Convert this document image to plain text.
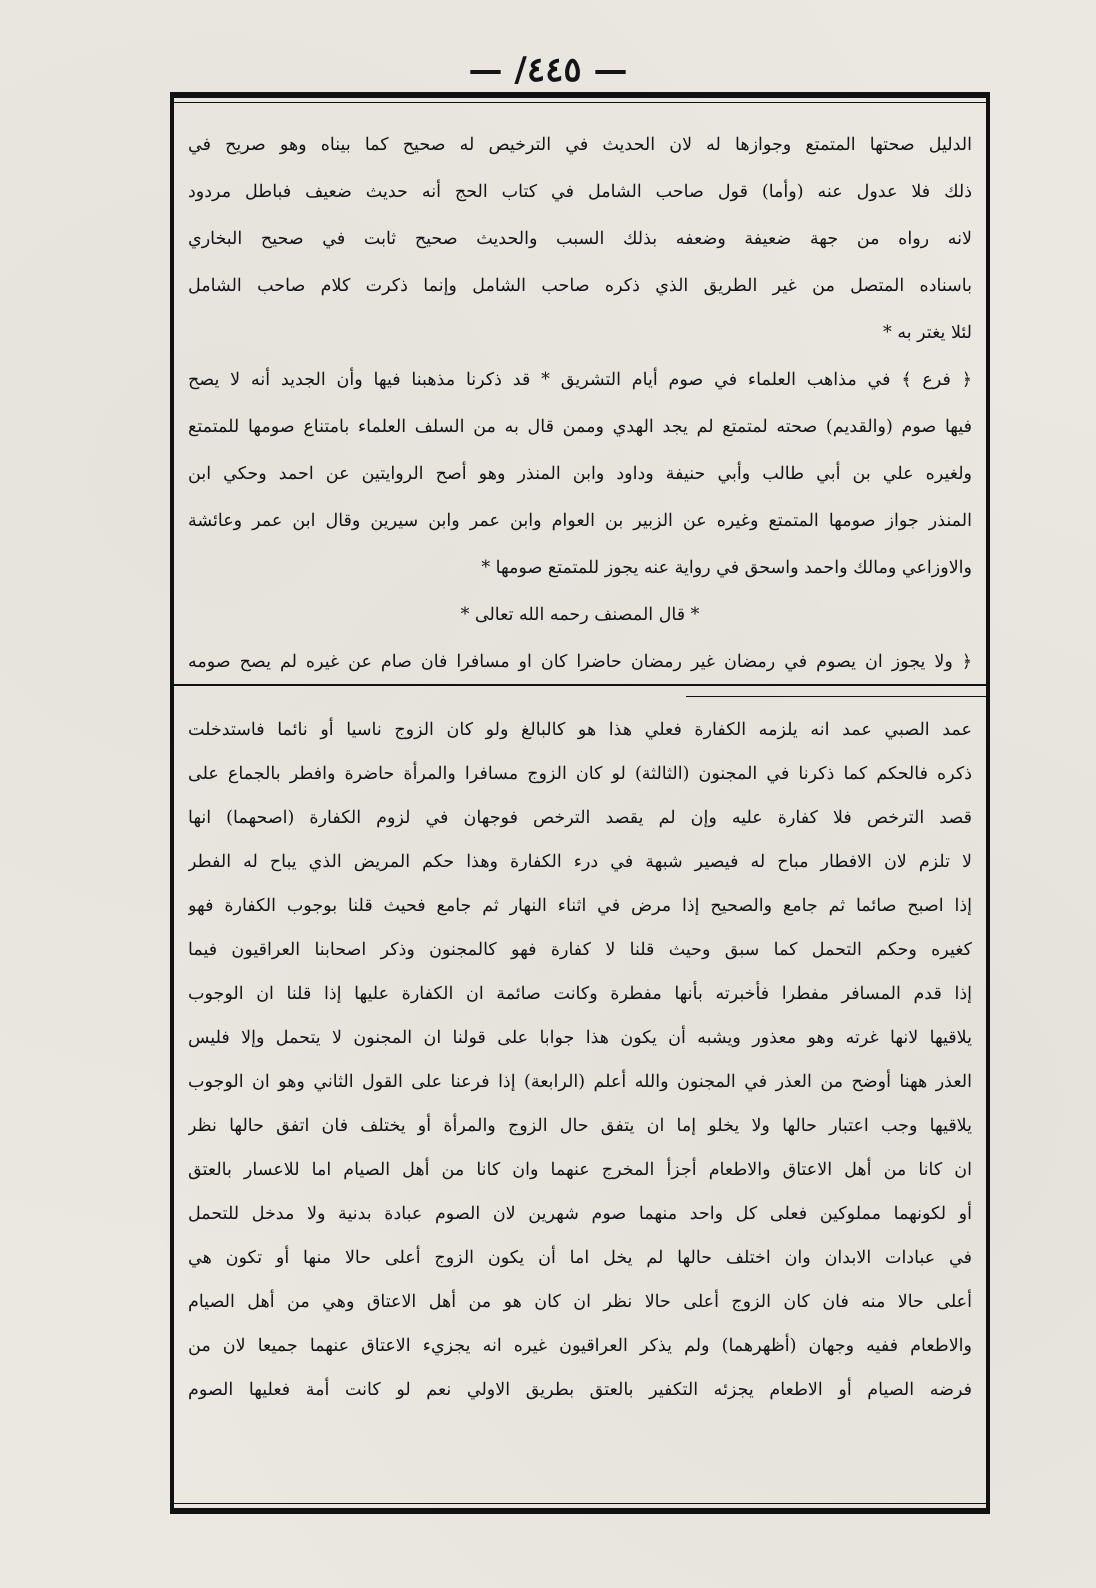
— ٤٤٥/ —
الدليل صحتها المتمتع وجوازها له لان الحديث في الترخيص له صحيح كما بيناه وهو صريح في
ذلك فلا عدول عنه (وأما) قول صاحب الشامل في كتاب الحج أنه حديث ضعيف فباطل مردود
لانه رواه من جهة ضعيفة وضعفه بذلك السبب والحديث صحيح ثابت في صحيح البخاري
باسناده المتصل من غير الطريق الذي ذكره صاحب الشامل وإنما ذكرت كلام صاحب الشامل
لئلا يغتر به *
﴿ فرع ﴾ في مذاهب العلماء في صوم أيام التشريق * قد ذكرنا مذهبنا فيها وأن الجديد أنه لا يصح
فيها صوم (والقديم) صحته لمتمتع لم يجد الهدي وممن قال به من السلف العلماء بامتناع صومها للمتمتع
ولغيره علي بن أبي طالب وأبي حنيفة وداود وابن المنذر وهو أصح الروايتين عن احمد وحكي ابن
المنذر جواز صومها المتمتع وغيره عن الزبير بن العوام وابن عمر وابن سيرين وقال ابن عمر وعائشة
والاوزاعي ومالك واحمد واسحق في رواية عنه يجوز للمتمتع صومها *
* قال المصنف رحمه الله تعالى *
﴿ ولا يجوز ان يصوم في رمضان غير رمضان حاضرا كان او مسافرا فان صام عن غيره لم يصح صومه
عمد الصبي عمد انه يلزمه الكفارة فعلي هذا هو كالبالغ ولو كان الزوج ناسيا أو نائما فاستدخلت
ذكره فالحكم كما ذكرنا في المجنون (الثالثة) لو كان الزوج مسافرا والمرأة حاضرة وافطر بالجماع على
قصد الترخص فلا كفارة عليه وإن لم يقصد الترخص فوجهان في لزوم الكفارة (اصحهما) انها
لا تلزم لان الافطار مباح له فيصير شبهة في درء الكفارة وهذا حكم المريض الذي يباح له الفطر
إذا اصبح صائما ثم جامع والصحيح إذا مرض في اثناء النهار ثم جامع فحيث قلنا بوجوب الكفارة فهو
كغيره وحكم التحمل كما سبق وحيث قلنا لا كفارة فهو كالمجنون وذكر اصحابنا العراقيون فيما
إذا قدم المسافر مفطرا فأخبرته بأنها مفطرة وكانت صائمة ان الكفارة عليها إذا قلنا ان الوجوب
يلاقيها لانها غرته وهو معذور ويشبه أن يكون هذا جوابا على قولنا ان المجنون لا يتحمل وإلا فليس
العذر ههنا أوضح من العذر في المجنون والله أعلم (الرابعة) إذا فرعنا على القول الثاني وهو ان الوجوب
يلاقيها وجب اعتبار حالها ولا يخلو إما ان يتفق حال الزوج والمرأة أو يختلف فان اتفق حالها نظر
ان كانا من أهل الاعتاق والاطعام أجزأ المخرج عنهما وان كانا من أهل الصيام اما للاعسار بالعتق
أو لكونهما مملوكين فعلى كل واحد منهما صوم شهرين لان الصوم عبادة بدنية ولا مدخل للتحمل
في عبادات الابدان وان اختلف حالها لم يخل اما أن يكون الزوج أعلى حالا منها أو تكون هي
أعلى حالا منه فان كان الزوج أعلى حالا نظر ان كان هو من أهل الاعتاق وهي من أهل الصيام
والاطعام ففيه وجهان (أظهرهما) ولم يذكر العراقيون غيره انه يجزيء الاعتاق عنهما جميعا لان من
فرضه الصيام أو الاطعام يجزئه التكفير بالعتق بطريق الاولي نعم لو كانت أمة فعليها الصوم
